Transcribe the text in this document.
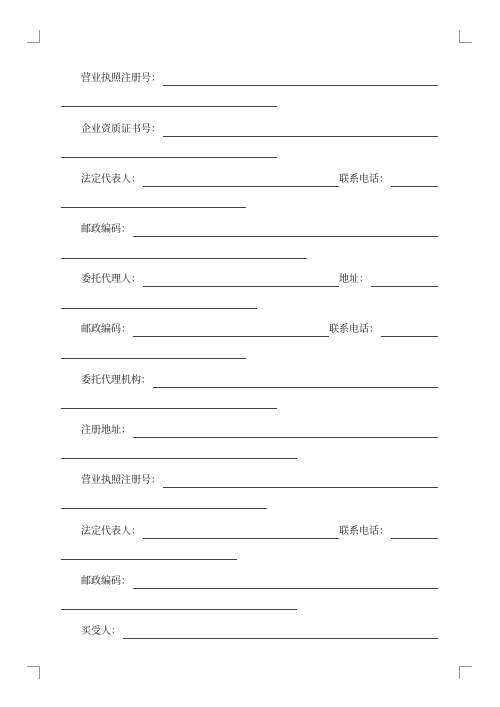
营业执照注册号：
企业资质证书号：
法定代表人：	联系电话：
邮政编码：
委托代理人：	地址：
邮政编码：	联系电话：
委托代理机构：
注册地址：
营业执照注册号：
法定代表人：	联系电话：
邮政编码：
买受人：
